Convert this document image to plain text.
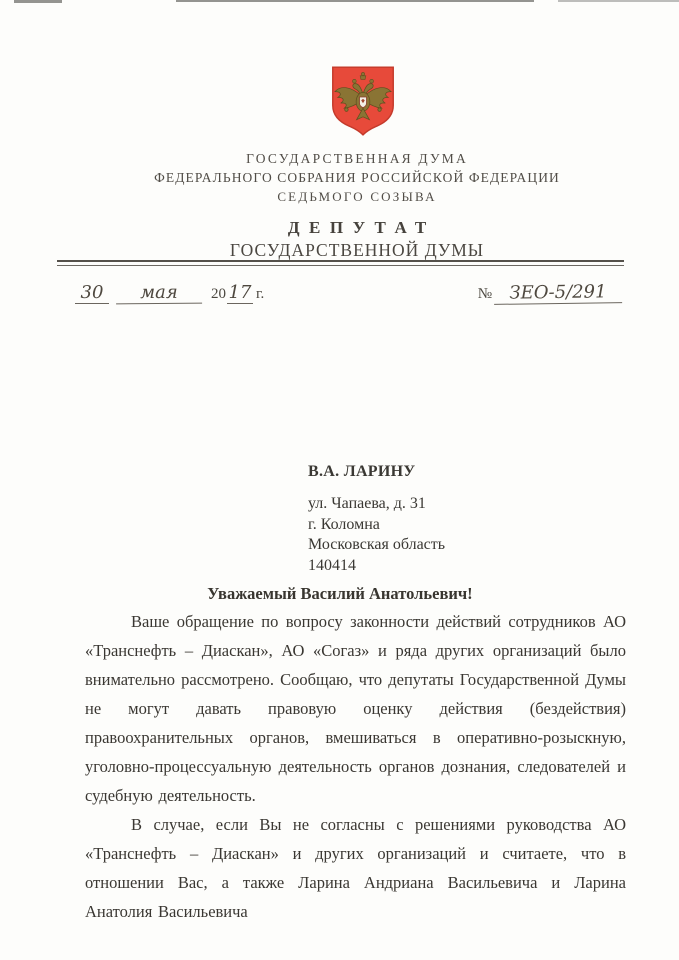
ГОСУДАРСТВЕННАЯ ДУМА
ФЕДЕРАЛЬНОГО СОБРАНИЯ РОССИЙСКОЙ ФЕДЕРАЦИИ
СЕДЬМОГО СОЗЫВА
ДЕПУТАТ
ГОСУДАРСТВЕННОЙ ДУМЫ
30 мая 20 17 г.	№ ЗЕО-5/291
В.А. ЛАРИНУ
ул. Чапаева, д. 31
г. Коломна
Московская область
140414
Уважаемый Василий Анатольевич!

Ваше обращение по вопросу законности действий сотрудников АО «Транснефть – Диаскан», АО «Согаз» и ряда других организаций было внимательно рассмотрено. Сообщаю, что депутаты Государственной Думы не могут давать правовую оценку действия (бездействия) правоохранительных органов, вмешиваться в оперативно-розыскную, уголовно-процессуальную деятельность органов дознания, следователей и судебную деятельность.

В случае, если Вы не согласны с решениями руководства АО «Транснефть – Диаскан» и других организаций и считаете, что в отношении Вас, а также Ларина Андриана Васильевича и Ларина Анатолия Васильевича
